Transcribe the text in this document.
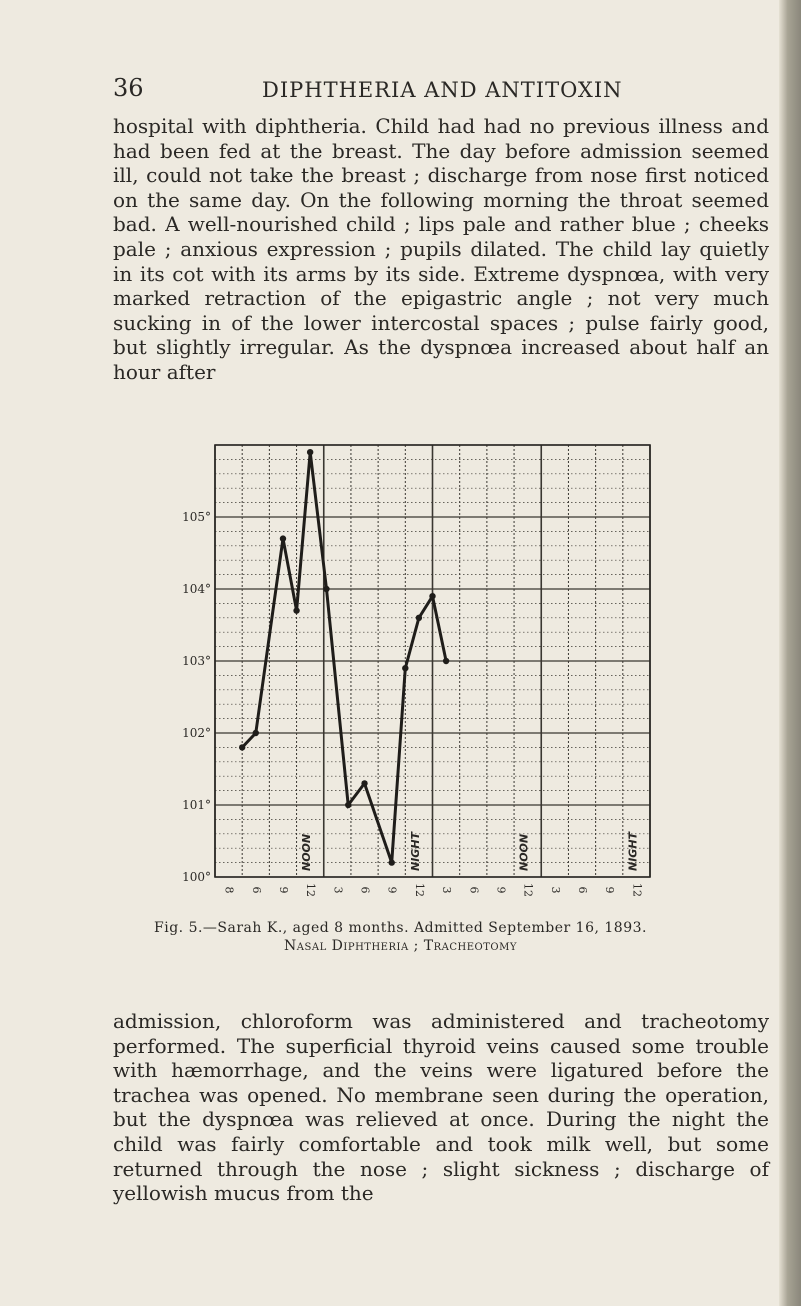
36	DIPHTHERIA AND ANTITOXIN

hospital with diphtheria. Child had had no previous illness and had been fed at the breast. The day before admission seemed ill, could not take the breast ; discharge from nose first noticed on the same day. On the following morning the throat seemed bad. A well-nourished child ; lips pale and rather blue ; cheeks pale ; anxious expression ; pupils dilated. The child lay quietly in its cot with its arms by its side. Extreme dyspnœa, with very marked retraction of the epigastric angle ; not very much sucking in of the lower intercostal spaces ; pulse fairly good, but slightly irregular. As the dyspnœa increased about half an hour after

105°
104°
103°
102°
101°
100°
8 6 9 12 3 6 9 12 3 6 9 12 3 6 9 12
NOON	NIGHT	NOON	NIGHT
Fig. 5.—Sarah K., aged 8 months. Admitted September 16, 1893.
Nasal Diphtheria ; Tracheotomy

admission, chloroform was administered and tracheotomy performed. The superficial thyroid veins caused some trouble with hæmorrhage, and the veins were ligatured before the trachea was opened. No membrane seen during the operation, but the dyspnœa was relieved at once. During the night the child was fairly comfortable and took milk well, but some returned through the nose ; slight sickness ; discharge of yellowish mucus from the
